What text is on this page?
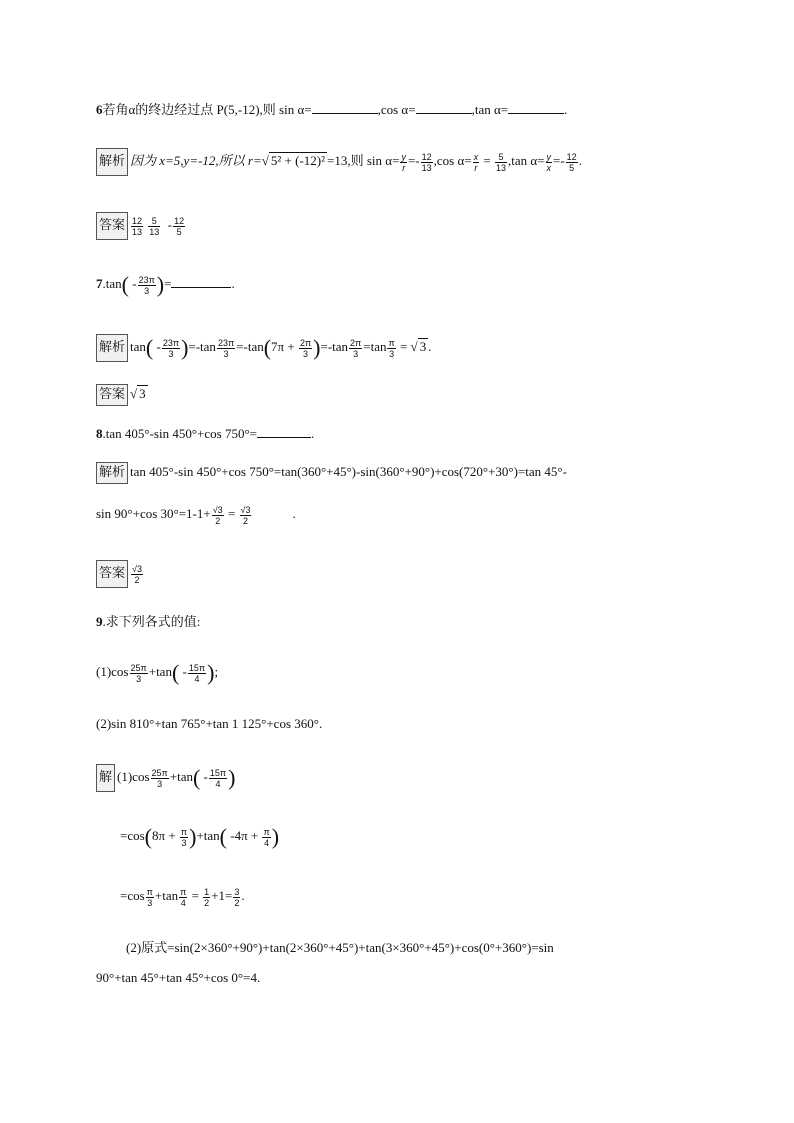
6若角α的终边经过点 P(5,-12),则 sin α=	,cos α=	,tan α=	.
解析 因为 x=5,y=-12,所以 r=√ 5² + (-12)² =13,则 $\sin \alpha= \frac{y}{r} =- \frac{12}{13} ,\cos$ $\alpha= \frac{x}{r} = \frac{5}{13} ,\tan$ $\alpha= \frac{y}{x} =- \frac{12}{5}$ .
答案 $\frac{12}{13}$
$\frac{5}{13} - \frac{12}{5}$
$7.\tan( - \frac{23\pi}{3}$ )=	.
解析 $\tan( - \frac{23\pi}{3} )=-\tan \frac{23\pi}{3} =-\tan(7\pi + \frac{2\pi}{3} )=-\tan \frac{2\pi}{3} =\tan \frac{\pi}{3}$ = √ 3 .
答案 √ 3
8.tan 405°-sin 450°+cos 750°=	.
解析 tan 405°-sin 450°+cos 750°=tan(360°+45°)-sin(360°+90°)+cos(720°+30°)=tan 45°-
sin 90°+cos $30^\circ=1-1+ \frac{√3}{2} = \frac{√3}{2}$	.
答案 $\frac{√3}{2}$
9.求下列各式的值:
$(1)\cos \frac{25\pi}{3} +\tan( - \frac{15\pi}{4}$ );
(2)sin 810°+tan 765°+tan 1 125°+cos 360°.
解 $(1)\cos \frac{25\pi}{3} +\tan( - \frac{15\pi}{4}$ )
$=\cos(8\pi + \frac{\pi}{3} )+\tan$( $-4\pi + \frac{\pi}{4}$ )
$=\cos \frac{\pi}{3} +\tan \frac{\pi}{4} = \frac{1}{2} +1= \frac{3}{2}$ .
(2)原式=sin(2×360°+90°)+tan(2×360°+45°)+tan(3×360°+45°)+cos(0°+360°)=sin
90°+tan 45°+tan 45°+cos 0°=4.
